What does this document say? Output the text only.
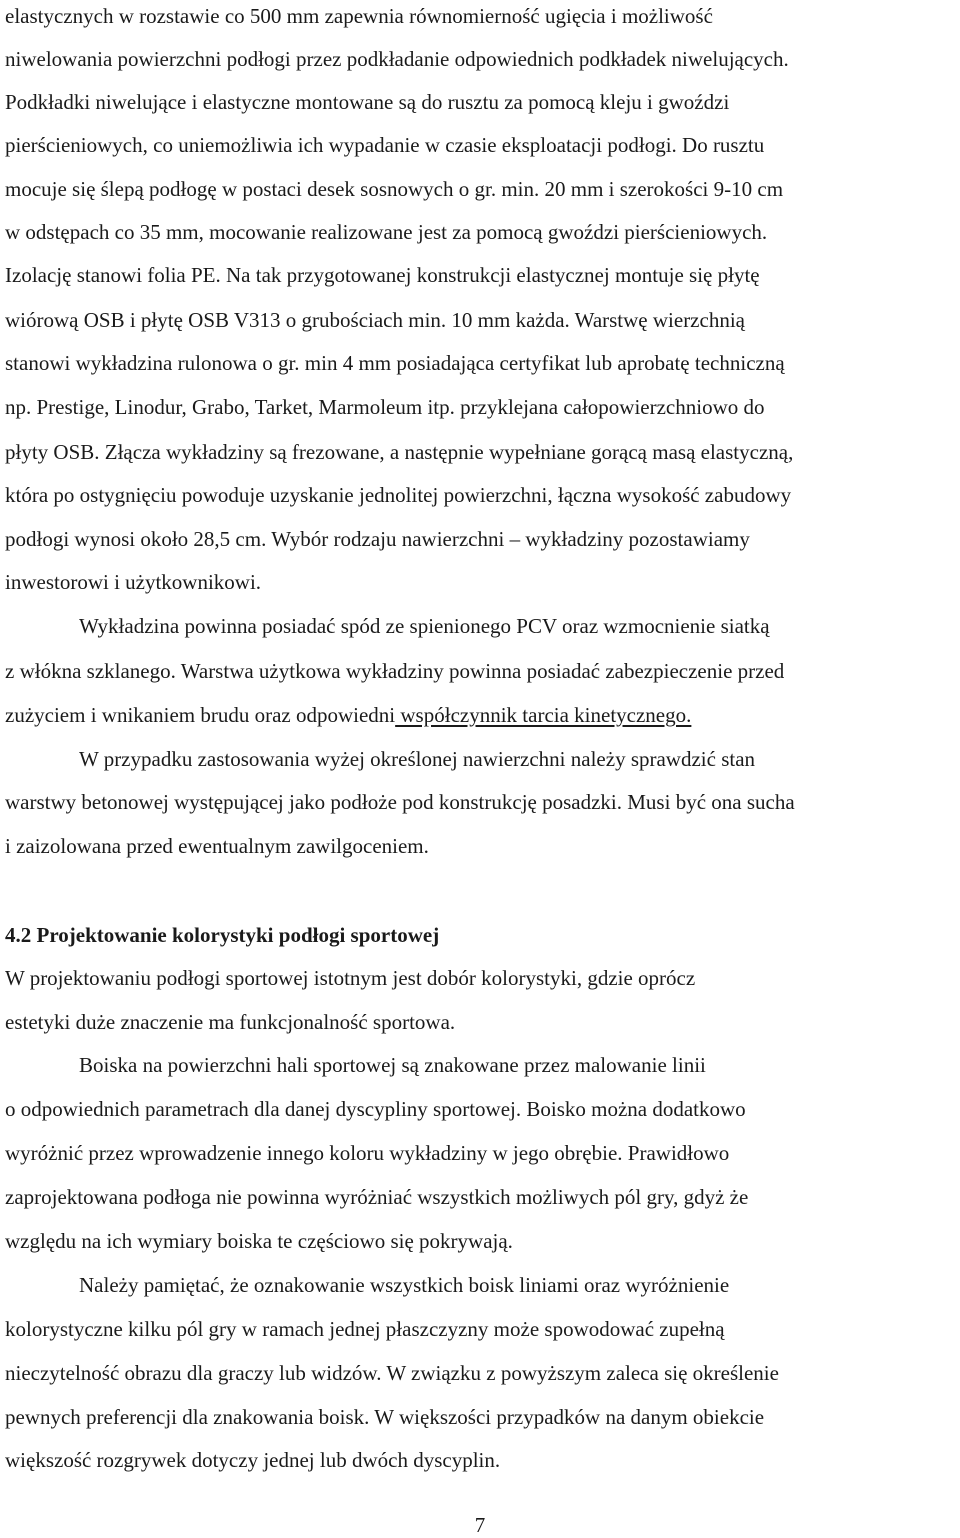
elastycznych w rozstawie co 500 mm zapewnia równomierność ugięcia i możliwość
niwelowania powierzchni podłogi przez podkładanie odpowiednich podkładek niwelujących.
Podkładki niwelujące i elastyczne montowane są do rusztu za pomocą kleju i gwoździ
pierścieniowych, co uniemożliwia ich wypadanie w czasie eksploatacji podłogi. Do rusztu
mocuje się ślepą podłogę w postaci desek sosnowych o gr. min. 20 mm i szerokości 9-10 cm
w odstępach co 35 mm, mocowanie realizowane jest za pomocą gwoździ pierścieniowych.
Izolację stanowi folia PE. Na tak przygotowanej konstrukcji elastycznej montuje się płytę
wiórową OSB i płytę OSB V313 o grubościach min. 10 mm każda. Warstwę wierzchnią
stanowi wykładzina rulonowa o gr. min 4 mm posiadająca certyfikat lub aprobatę techniczną
np. Prestige, Linodur, Grabo, Tarket, Marmoleum itp. przyklejana całopowierzchniowo do
płyty OSB. Złącza wykładziny są frezowane, a następnie wypełniane gorącą masą elastyczną,
która po ostygnięciu powoduje uzyskanie jednolitej powierzchni, łączna wysokość zabudowy
podłogi wynosi około 28,5 cm. Wybór rodzaju nawierzchni – wykładziny pozostawiamy
inwestorowi i użytkownikowi.
Wykładzina powinna posiadać spód ze spienionego PCV oraz wzmocnienie siatką
z włókna szklanego. Warstwa użytkowa wykładziny powinna posiadać zabezpieczenie przed
zużyciem i wnikaniem brudu oraz odpowiedni współczynnik tarcia kinetycznego.
W przypadku zastosowania wyżej określonej nawierzchni należy sprawdzić stan
warstwy betonowej występującej jako podłoże pod konstrukcję posadzki. Musi być ona sucha
i zaizolowana przed ewentualnym zawilgoceniem.
4.2 Projektowanie kolorystyki podłogi sportowej
W projektowaniu podłogi sportowej istotnym jest dobór kolorystyki, gdzie oprócz
estetyki duże znaczenie ma funkcjonalność sportowa.
Boiska na powierzchni hali sportowej są znakowane przez malowanie linii
o odpowiednich parametrach dla danej dyscypliny sportowej. Boisko można dodatkowo
wyróżnić przez wprowadzenie innego koloru wykładziny w jego obrębie. Prawidłowo
zaprojektowana podłoga nie powinna wyróżniać wszystkich możliwych pól gry, gdyż że
względu na ich wymiary boiska te częściowo się pokrywają.
Należy pamiętać, że oznakowanie wszystkich boisk liniami oraz wyróżnienie
kolorystyczne kilku pól gry w ramach jednej płaszczyzny może spowodować zupełną
nieczytelność obrazu dla graczy lub widzów. W związku z powyższym zaleca się określenie
pewnych preferencji dla znakowania boisk. W większości przypadków na danym obiekcie
większość rozgrywek dotyczy jednej lub dwóch dyscyplin.
7
